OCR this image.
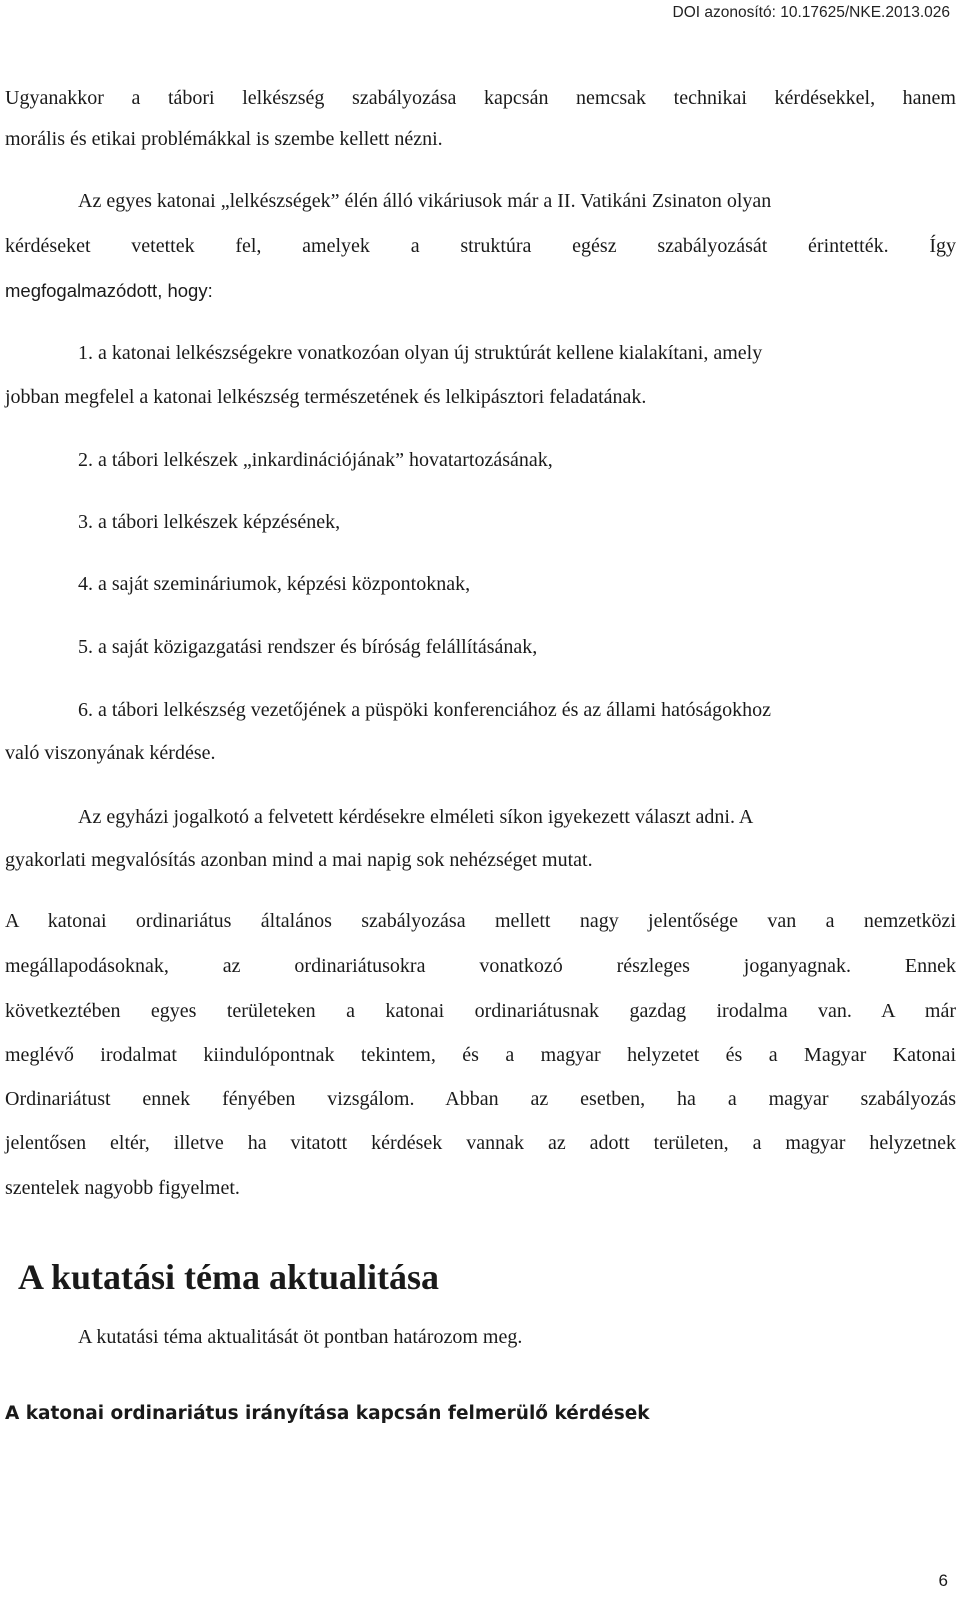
DOI azonosító: 10.17625/NKE.2013.026
Ugyanakkor a tábori lelkészség szabályozása kapcsán nemcsak technikai kérdésekkel, hanem
morális és etikai problémákkal is szembe kellett nézni.
Az egyes katonai „lelkészségek” élén álló vikáriusok már a II. Vatikáni Zsinaton olyan
kérdéseket vetettek fel, amelyek a struktúra egész szabályozását érintették. Így
megfogalmazódott, hogy:
1. a katonai lelkészségekre vonatkozóan olyan új struktúrát kellene kialakítani, amely
jobban megfelel a katonai lelkészség természetének és lelkipásztori feladatának.
2. a tábori lelkészek „inkardinációjának” hovatartozásának,
3. a tábori lelkészek képzésének,
4. a saját szemináriumok, képzési központoknak,
5. a saját közigazgatási rendszer és bíróság felállításának,
6. a tábori lelkészség vezetőjének a püspöki konferenciához és az állami hatóságokhoz
való viszonyának kérdése.
Az egyházi jogalkotó a felvetett kérdésekre elméleti síkon igyekezett választ adni. A
gyakorlati megvalósítás azonban mind a mai napig sok nehézséget mutat.
A katonai ordinariátus általános szabályozása mellett nagy jelentősége van a nemzetközi
megállapodásoknak, az ordinariátusokra vonatkozó részleges joganyagnak. Ennek
következtében egyes területeken a katonai ordinariátusnak gazdag irodalma van. A már
meglévő irodalmat kiindulópontnak tekintem, és a magyar helyzetet és a Magyar Katonai
Ordinariátust ennek fényében vizsgálom. Abban az esetben, ha a magyar szabályozás
jelentősen eltér, illetve ha vitatott kérdések vannak az adott területen, a magyar helyzetnek
szentelek nagyobb figyelmet.
A kutatási téma aktualitása
A kutatási téma aktualitását öt pontban határozom meg.
A katonai ordinariátus irányítása kapcsán felmerülő kérdések
6
